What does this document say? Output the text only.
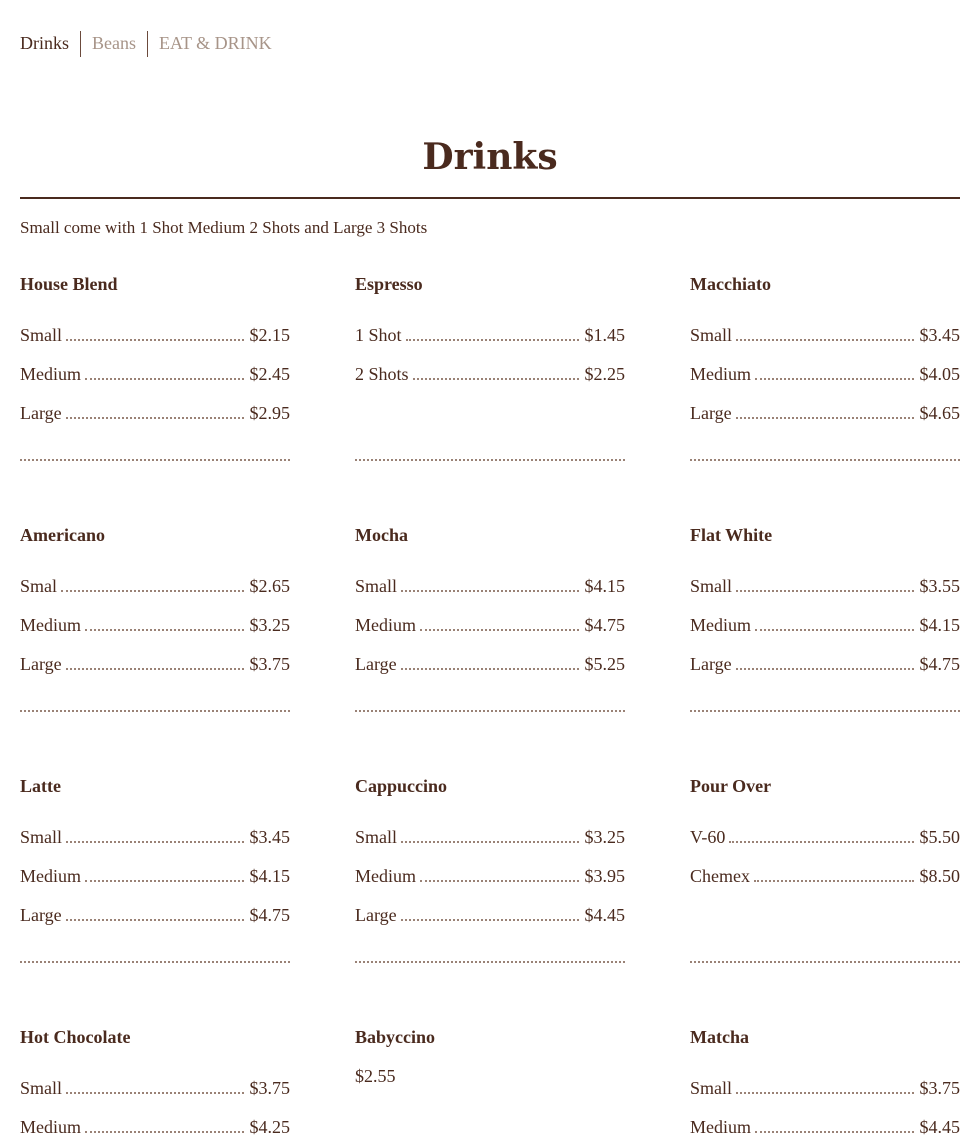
Drinks Beans EAT & DRINK
Drinks

Small come with 1 Shot Medium 2 Shots and Large 3 Shots

House Blend
Small	$2.15
Medium	$2.45
Large	$2.95
Espresso
1 Shot	$1.45
2 Shots	$2.25
Macchiato
Small	$3.45
Medium	$4.05
Large	$4.65
Americano
Smal	$2.65
Medium	$3.25
Large	$3.75
Mocha
Small	$4.15
Medium	$4.75
Large	$5.25
Flat White
Small	$3.55
Medium	$4.15
Large	$4.75
Latte
Small	$3.45
Medium	$4.15
Large	$4.75
Cappuccino
Small	$3.25
Medium	$3.95
Large	$4.45
Pour Over
V-60	$5.50
Chemex	$8.50
Hot Chocolate
Small	$3.75
Medium	$4.25
Babyccino
$2.55
Matcha
Small	$3.75
Medium	$4.45
